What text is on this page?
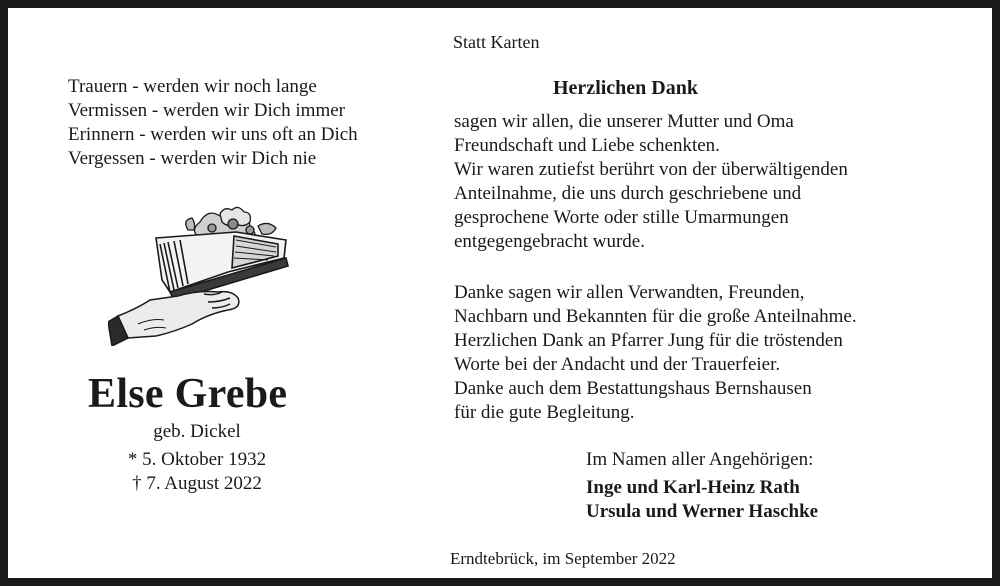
Statt Karten
Trauern - werden wir noch lange
Vermissen - werden wir Dich immer
Erinnern - werden wir uns oft an Dich
Vergessen - werden wir Dich nie
Else Grebe
geb. Dickel
* 5. Oktober 1932
† 7. August 2022
Herzlichen Dank
sagen wir allen, die unserer Mutter und Oma
Freundschaft und Liebe schenkten.
Wir waren zutiefst berührt von der überwältigenden
Anteilnahme, die uns durch geschriebene und
gesprochene Worte oder stille Umarmungen
entgegengebracht wurde.
Danke sagen wir allen Verwandten, Freunden,
Nachbarn und Bekannten für die große Anteilnahme.
Herzlichen Dank an Pfarrer Jung für die tröstenden
Worte bei der Andacht und der Trauerfeier.
Danke auch dem Bestattungshaus Bernshausen
für die gute Begleitung.
Im Namen aller Angehörigen:
Inge und Karl-Heinz Rath
Ursula und Werner Haschke
Erndtebrück, im September 2022
